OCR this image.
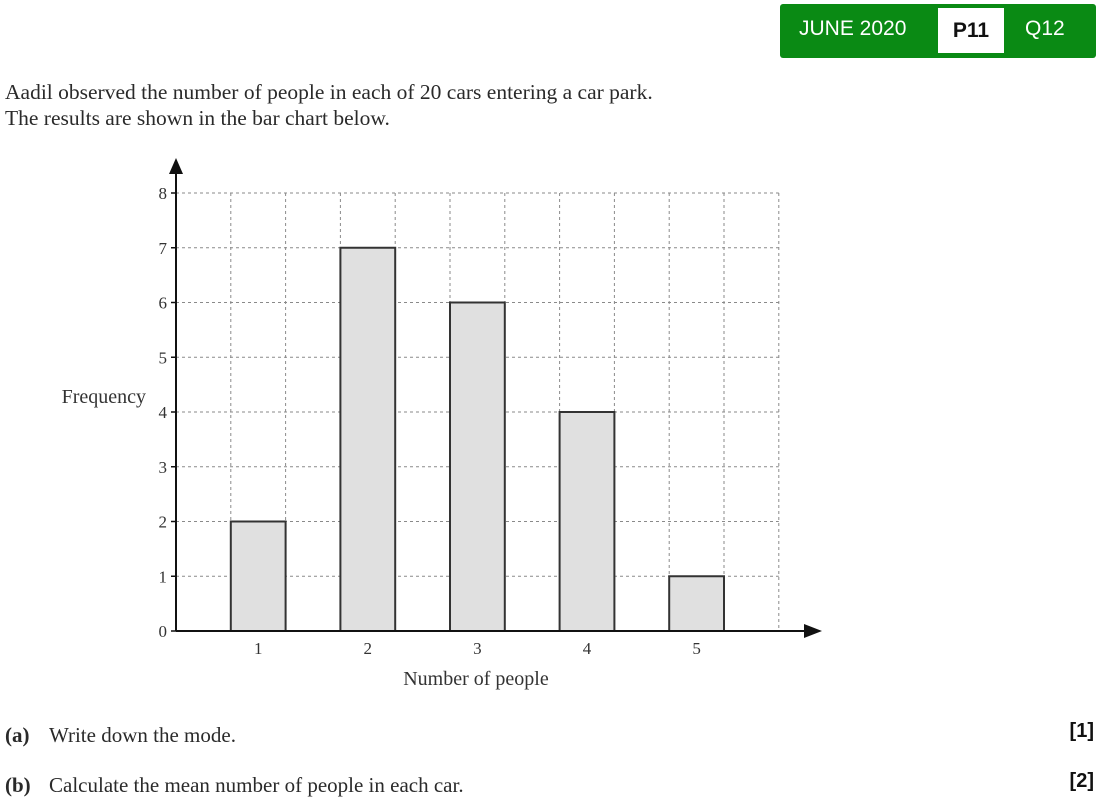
JUNE 2020	P11	Q12
Aadil observed the number of people in each of 20 cars entering a car park.
The results are shown in the bar chart below.
0
1
2
3
4
5
6
7
8
1	2	3	4	5
Frequency
Number of people
(a) Write down the mode.	[1]
(b) Calculate the mean number of people in each car.	[2]
